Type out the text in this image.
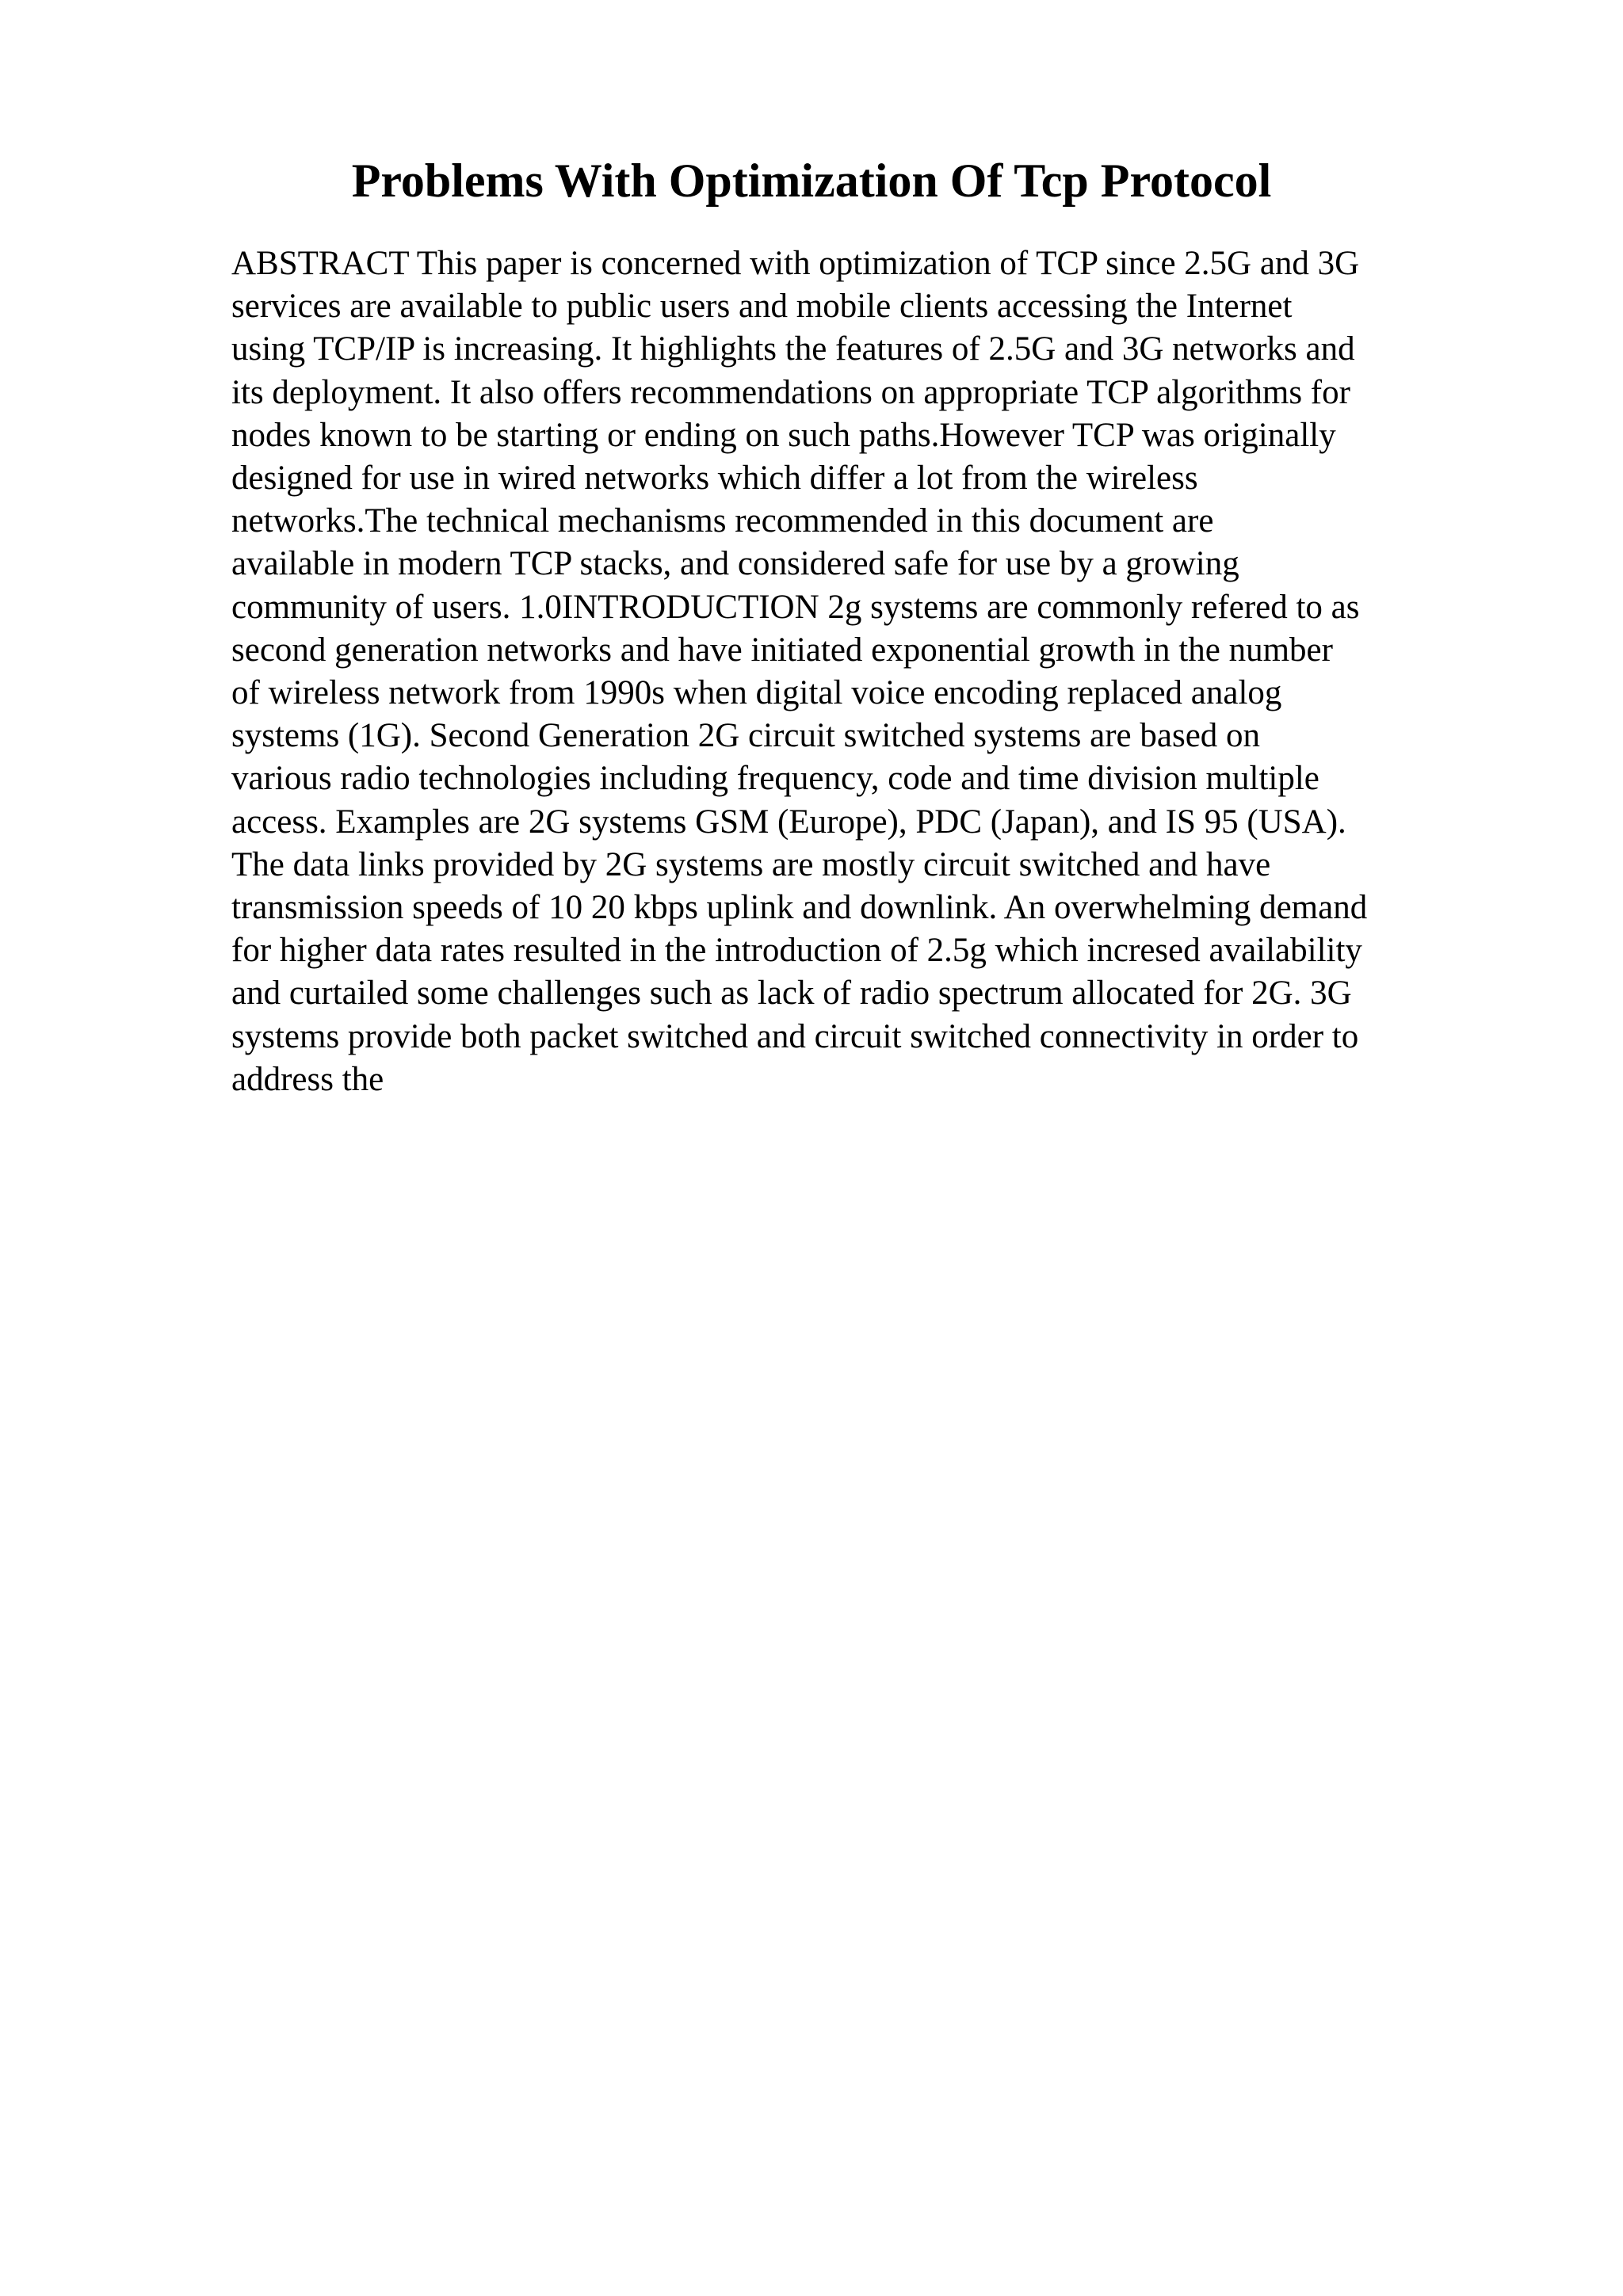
Problems With Optimization Of Tcp Protocol
ABSTRACT This paper is concerned with optimization of TCP since 2.5G and 3G
services are available to public users and mobile clients accessing the Internet
using TCP/IP is increasing. It highlights the features of 2.5G and 3G networks and
its deployment. It also offers recommendations on appropriate TCP algorithms for
nodes known to be starting or ending on such paths.However TCP was originally
designed for use in wired networks which differ a lot from the wireless
networks.The technical mechanisms recommended in this document are
available in modern TCP stacks, and considered safe for use by a growing
community of users. 1.0INTRODUCTION 2g systems are commonly refered to as
second generation networks and have initiated exponential growth in the number
of wireless network from 1990s when digital voice encoding replaced analog
systems (1G). Second Generation 2G circuit switched systems are based on
various radio technologies including frequency, code and time division multiple
access. Examples are 2G systems GSM (Europe), PDC (Japan), and IS 95 (USA).
The data links provided by 2G systems are mostly circuit switched and have
transmission speeds of 10 20 kbps uplink and downlink. An overwhelming demand
for higher data rates resulted in the introduction of 2.5g which incresed availability
and curtailed some challenges such as lack of radio spectrum allocated for 2G. 3G
systems provide both packet switched and circuit switched connectivity in order to
address the
